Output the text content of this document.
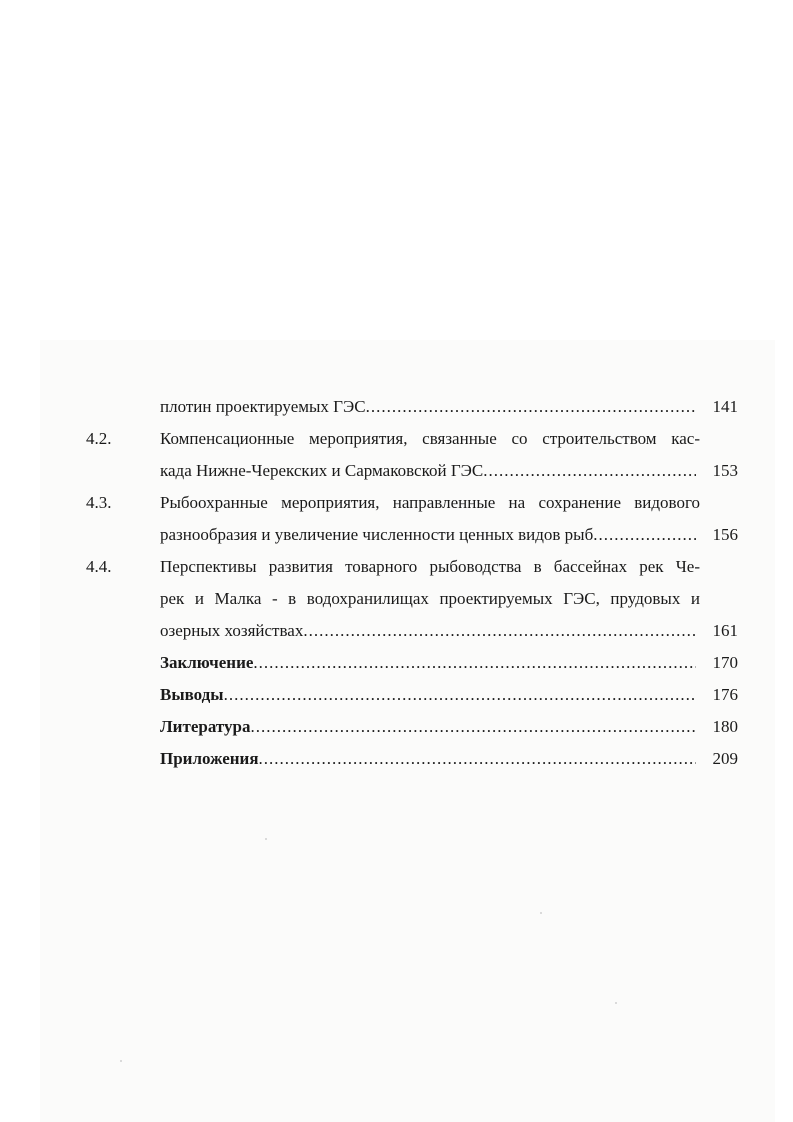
плотин проектируемых ГЭС .....	141
4.2.	Компенсационные мероприятия, связанные со строительством кас-
када Нижне-Черекских и Сармаковской ГЭС .....	153
4.3.	Рыбоохранные мероприятия, направленные на сохранение видового
разнообразия и увеличение численности ценных видов рыб .....	156
4.4.	Перспективы развития товарного рыбоводства в бассейнах рек Че-
рек и Малка - в водохранилищах проектируемых ГЭС, прудовых и
озерных хозяйствах .....	161
Заключение .....	170
Выводы .....	176
Литература .....	180
Приложения .....	209
